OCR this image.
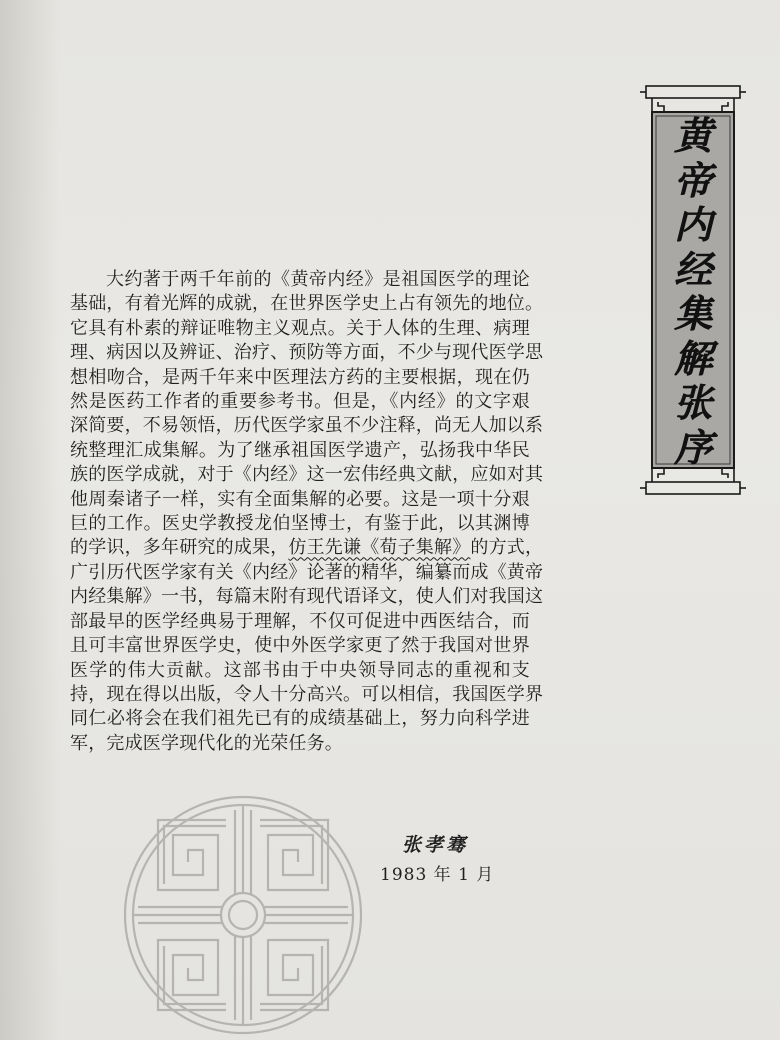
黄
帝
内
经
集
解
张
序

大约著于两千年前的《黄帝内经》是祖国医学的理论

基础，有着光辉的成就，在世界医学史上占有领先的地位。

它具有朴素的辩证唯物主义观点。关于人体的生理、病理

理、病因以及辨证、治疗、预防等方面，不少与现代医学思

想相吻合，是两千年来中医理法方药的主要根据，现在仍

然是医药工作者的重要参考书。但是，《内经》的文字艰

深简要，不易领悟，历代医学家虽不少注释，尚无人加以系

统整理汇成集解。为了继承祖国医学遗产，弘扬我中华民

族的医学成就，对于《内经》这一宏伟经典文献，应如对其

他周秦诸子一样，实有全面集解的必要。这是一项十分艰

巨的工作。医史学教授龙伯坚博士，有鉴于此，以其渊博

的学识，多年研究的成果，仿王先谦《荀子集解》的方式，

广引历代医学家有关《内经》论著的精华，编纂而成《黄帝

内经集解》一书，每篇末附有现代语译文，使人们对我国这

部最早的医学经典易于理解，不仅可促进中西医结合，而

且可丰富世界医学史，使中外医学家更了然于我国对世界

医学的伟大贡献。这部书由于中央领导同志的重视和支

持，现在得以出版，令人十分高兴。可以相信，我国医学界

同仁必将会在我们祖先已有的成绩基础上，努力向科学进

军，完成医学现代化的光荣任务。

张孝骞
1983 年 1 月
